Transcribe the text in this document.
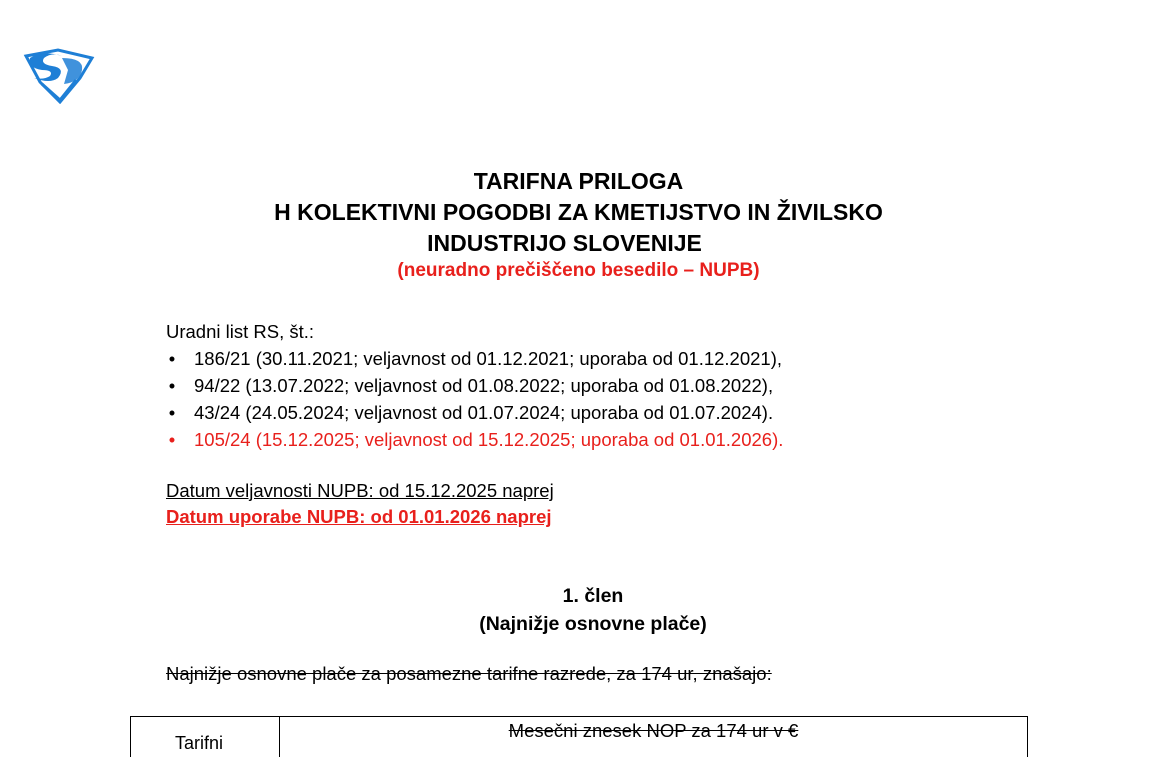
TARIFNA PRILOGA
H KOLEKTIVNI POGODBI ZA KMETIJSTVO IN ŽIVILSKO
INDUSTRIJO SLOVENIJE
(neuradno prečiščeno besedilo – NUPB)
Uradni list RS, št.:
• 186/21 (30.11.2021; veljavnost od 01.12.2021; uporaba od 01.12.2021),
• 94/22 (13.07.2022; veljavnost od 01.08.2022; uporaba od 01.08.2022),
• 43/24 (24.05.2024; veljavnost od 01.07.2024; uporaba od 01.07.2024).
• 105/24 (15.12.2025; veljavnost od 15.12.2025; uporaba od 01.01.2026).
Datum veljavnosti NUPB: od 15.12.2025 naprej
Datum uporabe NUPB: od 01.01.2026 naprej
1. člen
(Najnižje osnovne plače)
Najnižje osnovne plače za posamezne tarifne razrede, za 174 ur, znašajo:
Tarifni
Mesečni znesek NOP za 174 ur v €
